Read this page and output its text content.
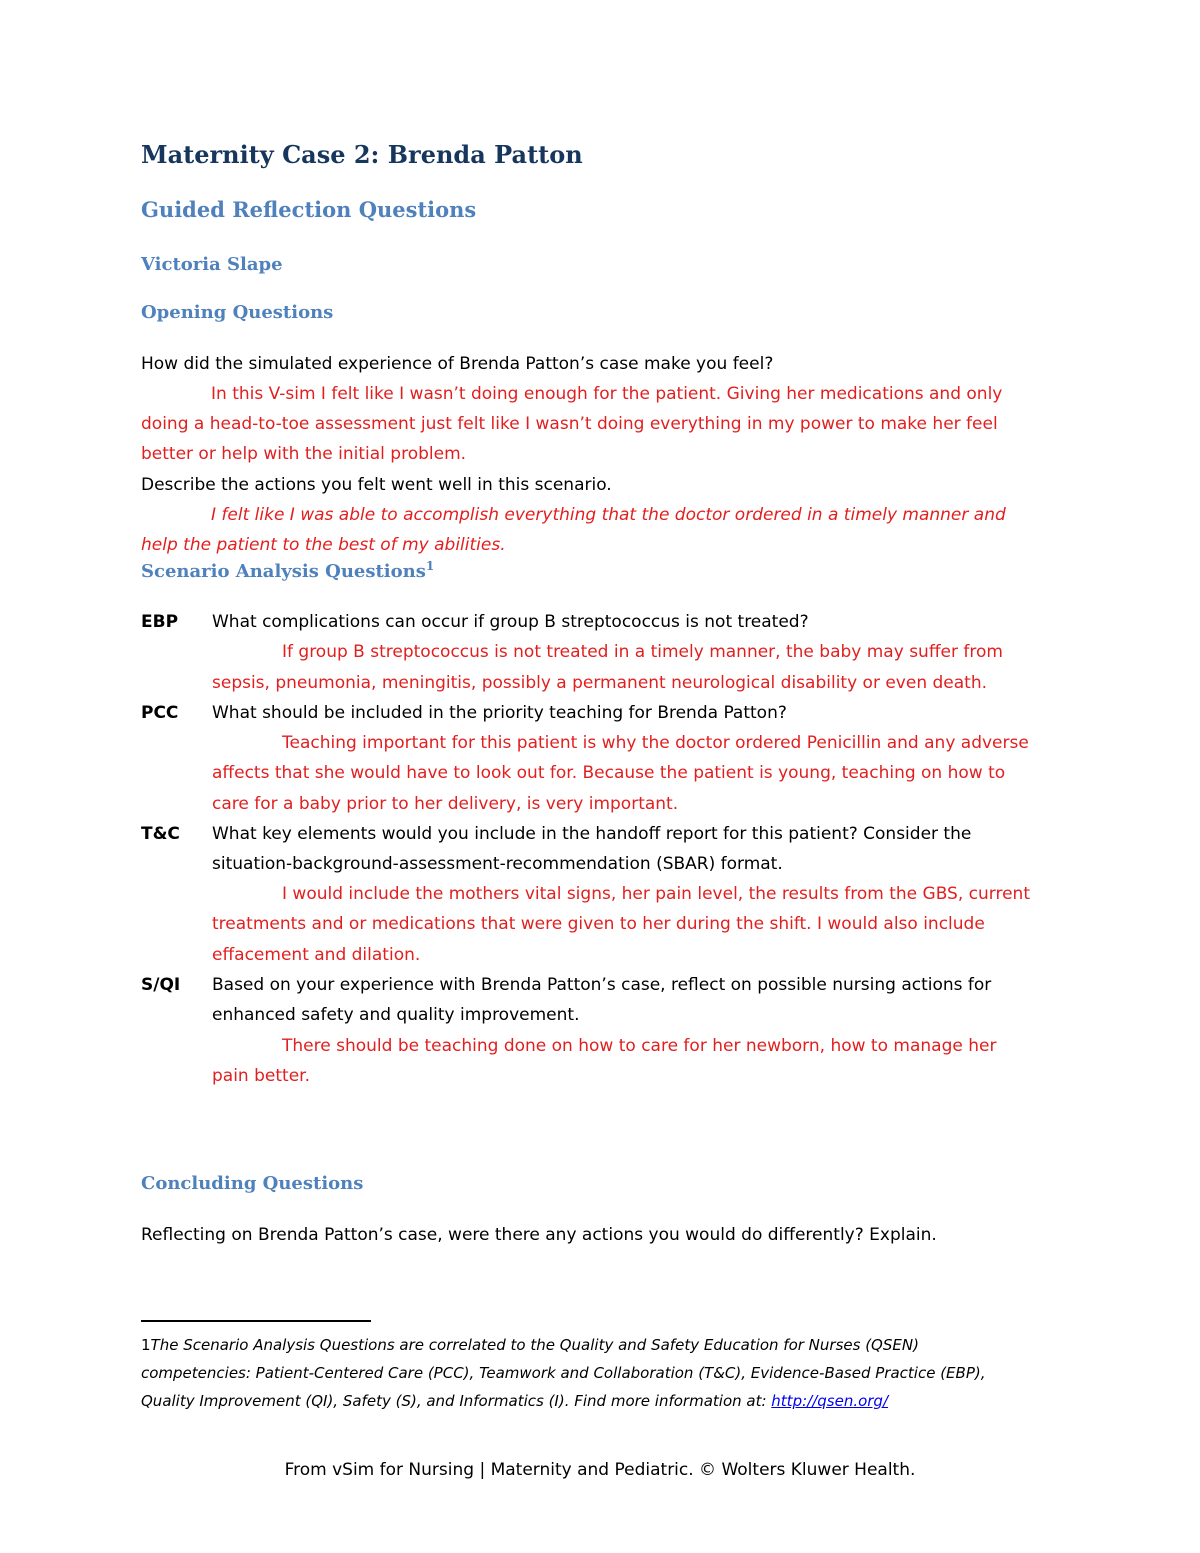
Maternity Case 2: Brenda Patton
Guided Reflection Questions

Victoria Slape

Opening Questions

How did the simulated experience of Brenda Patton’s case make you feel?

In this V-sim I felt like I wasn’t doing enough for the patient. Giving her medications and only

doing a head-to-toe assessment just felt like I wasn’t doing everything in my power to make her feel

better or help with the initial problem.

Describe the actions you felt went well in this scenario.

I felt like I was able to accomplish everything that the doctor ordered in a timely manner and

help the patient to the best of my abilities.

Scenario Analysis Questions$^1$

EBP What complications can occur if group B streptococcus is not treated?

If group B streptococcus is not treated in a timely manner, the baby may suffer from

sepsis, pneumonia, meningitis, possibly a permanent neurological disability or even death.

PCC What should be included in the priority teaching for Brenda Patton?

Teaching important for this patient is why the doctor ordered Penicillin and any adverse

affects that she would have to look out for. Because the patient is young, teaching on how to

care for a baby prior to her delivery, is very important.

T&C What key elements would you include in the handoff report for this patient? Consider the

situation-background-assessment-recommendation (SBAR) format.

I would include the mothers vital signs, her pain level, the results from the GBS, current

treatments and or medications that were given to her during the shift. I would also include

effacement and dilation.

S/QI Based on your experience with Brenda Patton’s case, reflect on possible nursing actions for

enhanced safety and quality improvement.

There should be teaching done on how to care for her newborn, how to manage her

pain better.

Concluding Questions

Reflecting on Brenda Patton’s case, were there any actions you would do differently? Explain.

1The Scenario Analysis Questions are correlated to the Quality and Safety Education for Nurses (QSEN)

competencies: Patient-Centered Care (PCC), Teamwork and Collaboration (T&C), Evidence-Based Practice (EBP),

Quality Improvement (QI), Safety (S), and Informatics (I). Find more information at: http://qsen.org/

From vSim for Nursing | Maternity and Pediatric. © Wolters Kluwer Health.
